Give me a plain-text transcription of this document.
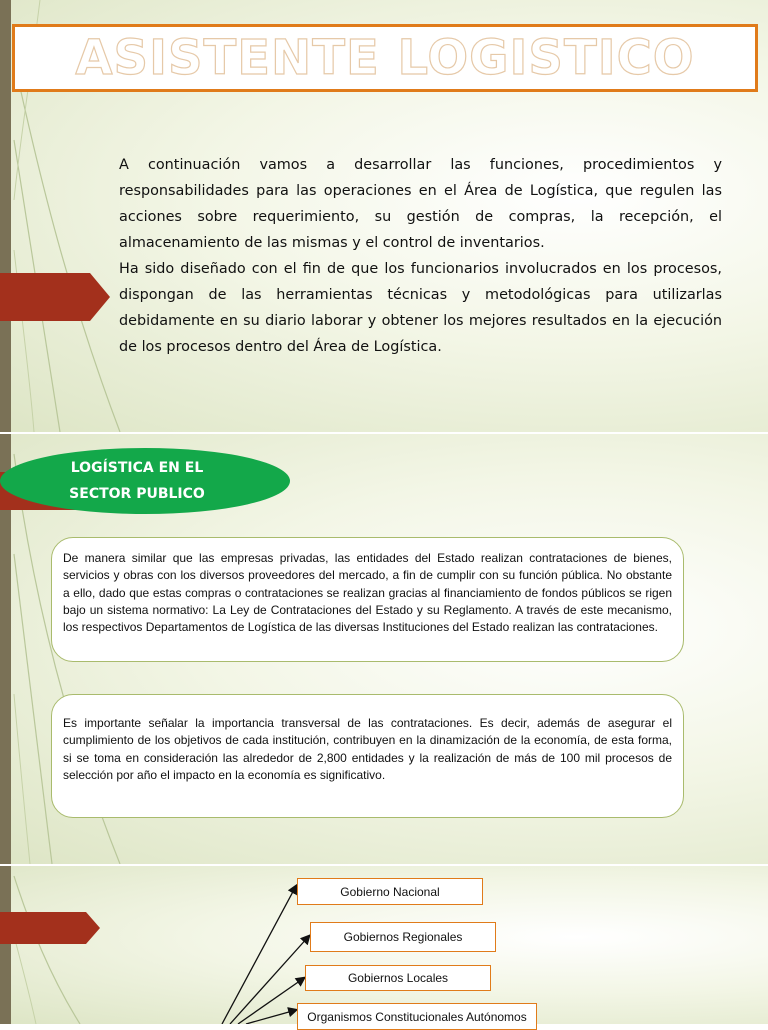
ASISTENTE LOGISTICO

A continuación vamos a desarrollar las funciones, procedimientos y responsabilidades para las operaciones en el Área de Logística, que regulen las acciones sobre requerimiento, su gestión de compras, la recepción, el almacenamiento de las mismas y el control de inventarios.

Ha sido diseñado con el fin de que los funcionarios involucrados en los procesos, dispongan de las herramientas técnicas y metodológicas para utilizarlas debidamente en su diario laborar y obtener los mejores resultados en la ejecución de los procesos dentro del Área de Logística.

LOGÍSTICA EN EL SECTOR PUBLICO
De manera similar que las empresas privadas, las entidades del Estado realizan contrataciones de bienes, servicios y obras con los diversos proveedores del mercado, a fin de cumplir con su función pública. No obstante a ello, dado que estas compras o contrataciones se realizan gracias al financiamiento de fondos públicos se rigen bajo un sistema normativo: La Ley de Contrataciones del Estado y su Reglamento. A través de este mecanismo, los respectivos Departamentos de Logística de las diversas Instituciones del Estado realizan las contrataciones.
Es importante señalar la importancia transversal de las contrataciones. Es decir, además de asegurar el cumplimiento de los objetivos de cada institución, contribuyen en la dinamización de la economía, de esta forma, si se toma en consideración las alrededor de 2,800 entidades y la realización de más de 100 mil procesos de selección por año el impacto en la economía es significativo.
Gobierno Nacional
Gobiernos Regionales
Gobiernos Locales
Organismos Constitucionales Autónomos
